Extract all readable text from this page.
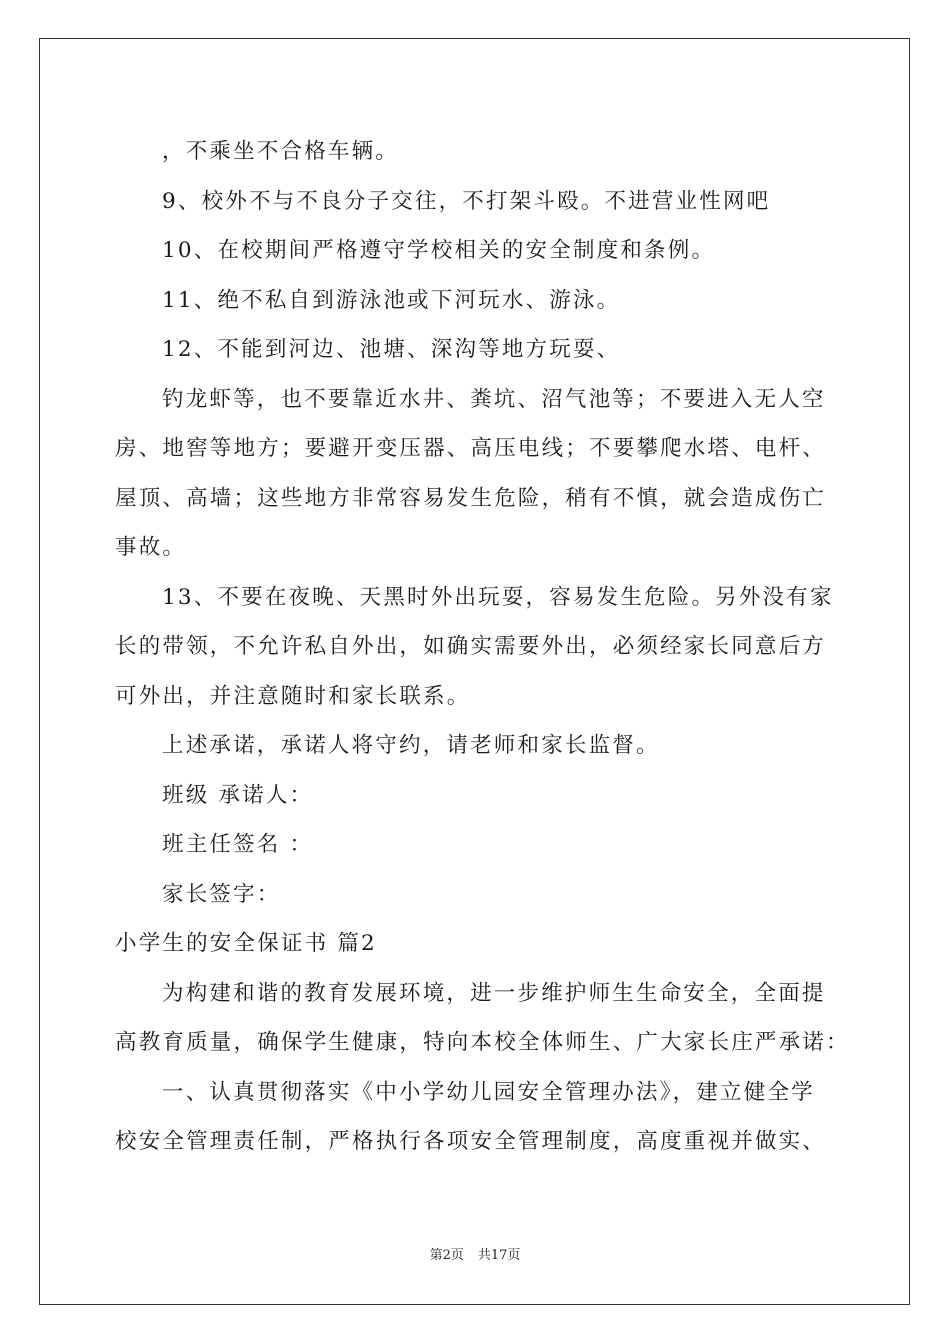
，不乘坐不合格车辆。

9、校外不与不良分子交往，不打架斗殴。不进营业性网吧

10、在校期间严格遵守学校相关的安全制度和条例。

11、绝不私自到游泳池或下河玩水、游泳。

12、不能到河边、池塘、深沟等地方玩耍、

钓龙虾等，也不要靠近水井、粪坑、沼气池等；不要进入无人空

房、地窖等地方；要避开变压器、高压电线；不要攀爬水塔、电杆、

屋顶、高墙；这些地方非常容易发生危险，稍有不慎，就会造成伤亡

事故。

13、不要在夜晚、天黑时外出玩耍，容易发生危险。另外没有家

长的带领，不允许私自外出，如确实需要外出，必须经家长同意后方

可外出，并注意随时和家长联系。

上述承诺，承诺人将守约，请老师和家长监督。

班级 承诺人：

班主任签名 ：

家长签字：

小学生的安全保证书 篇2

为构建和谐的教育发展环境，进一步维护师生生命安全，全面提

高教育质量，确保学生健康，特向本校全体师生、广大家长庄严承诺：

一、认真贯彻落实《中小学幼儿园安全管理办法》，建立健全学

校安全管理责任制，严格执行各项安全管理制度，高度重视并做实、

第2页 共17页
